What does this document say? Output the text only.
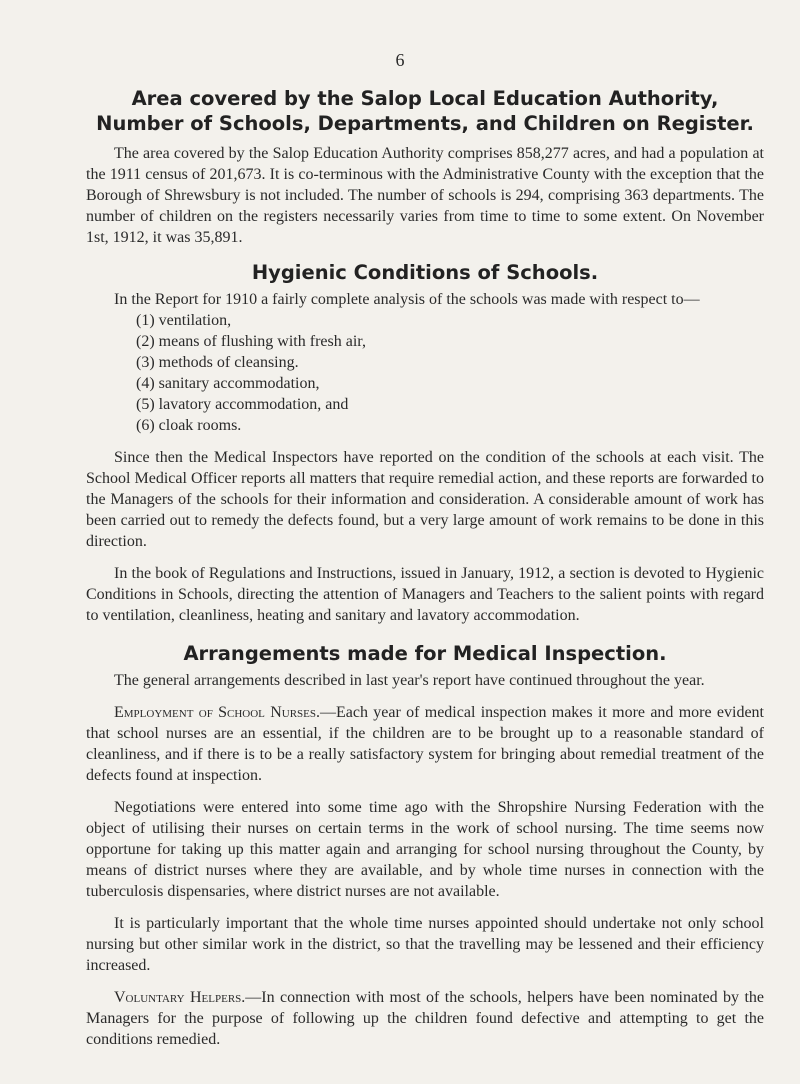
6
Area covered by the Salop Local Education Authority, Number of Schools, Departments, and Children on Register.

The area covered by the Salop Education Authority comprises 858,277 acres, and had a population at the 1911 census of 201,673. It is co-terminous with the Administrative County with the exception that the Borough of Shrewsbury is not included. The number of schools is 294, comprising 363 departments. The number of children on the registers necessarily varies from time to time to some extent. On November 1st, 1912, it was 35,891.

Hygienic Conditions of Schools.

In the Report for 1910 a fairly complete analysis of the schools was made with respect to—

(1) ventilation,
(2) means of flushing with fresh air,
(3) methods of cleansing.
(4) sanitary accommodation,
(5) lavatory accommodation, and
(6) cloak rooms.

Since then the Medical Inspectors have reported on the condition of the schools at each visit. The School Medical Officer reports all matters that require remedial action, and these reports are forwarded to the Managers of the schools for their information and consideration. A considerable amount of work has been carried out to remedy the defects found, but a very large amount of work remains to be done in this direction.

In the book of Regulations and Instructions, issued in January, 1912, a section is devoted to Hygienic Conditions in Schools, directing the attention of Managers and Teachers to the salient points with regard to ventilation, cleanliness, heating and sanitary and lavatory accommodation.

Arrangements made for Medical Inspection.

The general arrangements described in last year's report have continued throughout the year.

Employment of School Nurses.—Each year of medical inspection makes it more and more evident that school nurses are an essential, if the children are to be brought up to a reasonable standard of cleanliness, and if there is to be a really satisfactory system for bringing about remedial treatment of the defects found at inspection.

Negotiations were entered into some time ago with the Shropshire Nursing Federation with the object of utilising their nurses on certain terms in the work of school nursing. The time seems now opportune for taking up this matter again and arranging for school nursing throughout the County, by means of district nurses where they are available, and by whole time nurses in connection with the tuberculosis dispensaries, where district nurses are not available.

It is particularly important that the whole time nurses appointed should undertake not only school nursing but other similar work in the district, so that the travelling may be lessened and their efficiency increased.

Voluntary Helpers.—In connection with most of the schools, helpers have been nominated by the Managers for the purpose of following up the children found defective and attempting to get the conditions remedied.
